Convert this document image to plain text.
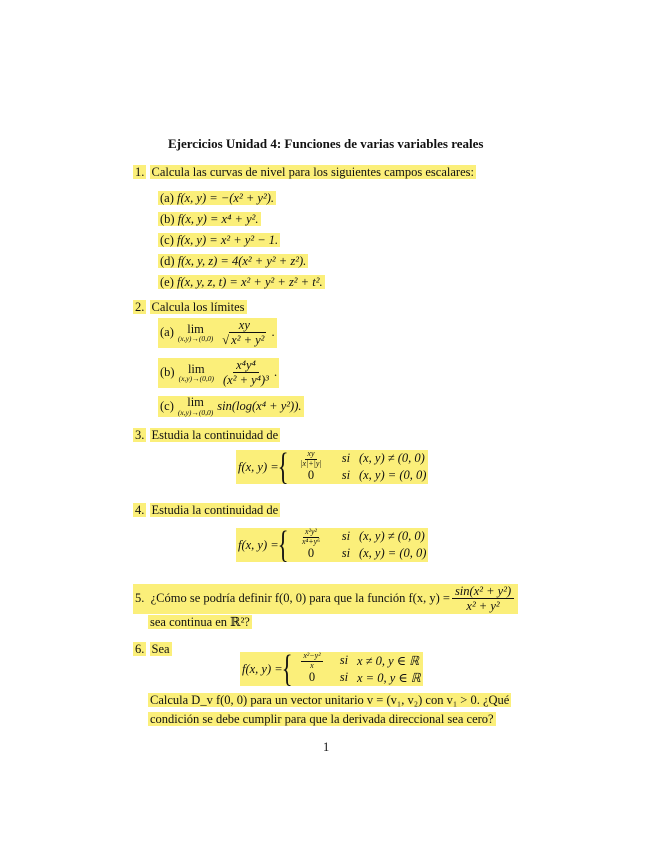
Ejercicios Unidad 4: Funciones de varias variables reales
1. Calcula las curvas de nivel para los siguientes campos escalares:
(a) f(x, y) = −(x² + y²).
(b) f(x, y) = x⁴ + y².
(c) f(x, y) = x² + y² − 1.
(d) f(x, y, z) = 4(x² + y² + z²).
(e) f(x, y, z, t) = x² + y² + z² + t².
2. Calcula los límites
(a) lim
$(x,y)\to(0,0) \frac{xy}{\text{√ x² + y²}}$ .
(b) lim
$(x,y)\to(0,0) \frac{\text{x⁴y⁴}}{\text{(x² + y⁴)³}}$ .
(c) lim
(x,y)→(0,0) sin(log(x⁴ + y²)).
3. Estudia la continuidad de
f(x, y) =
{ $\frac{xy}{|x|+|y|}$	si (x, y) ≠ (0, 0)
0	si (x, y) = (0, 0)
4. Estudia la continuidad de
f(x, y) =
{ $\frac{\text{x²y²}}{\text{x⁴+y⁶}}$	si (x, y) ≠ (0, 0)
0	si (x, y) = (0, 0)
5.
¿Cómo se podría definir f(0, 0) para que la función f(x, $y) = \frac{\text{sin(x² + y²)}}{\text{x² + y²}}$
sea continua en ℝ²?
6. Sea
f(x, y) =
{ $\frac{\text{x²−y²}}{x}$	si x ≠ 0, y ∈ ℝ
0	si x = 0, y ∈ ℝ
Calcula D_v f(0, 0) para un vector unitario v = (v₁, v₂) con v₁ > 0. ¿Qué
condición se debe cumplir para que la derivada direccional sea cero?
1
